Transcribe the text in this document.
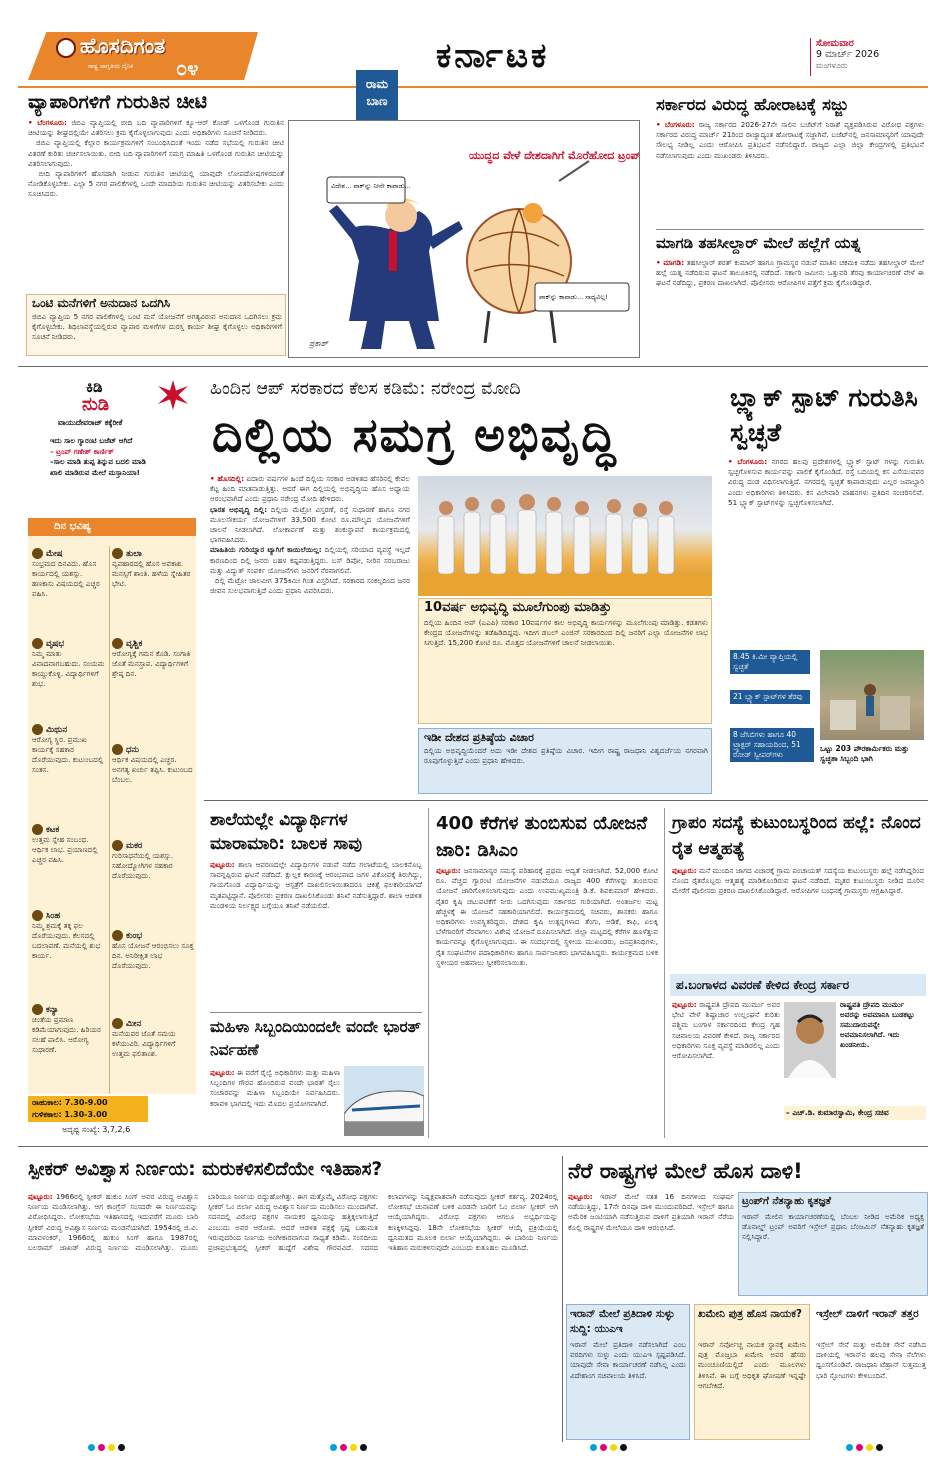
ಹೊಸದಿಗಂತ
ರಾಷ್ಟ್ರ ಜಾಗೃತಿಯ ದೈನಿಕ ೦೪	ಕರ್ನಾಟಕ	ಸೋಮವಾರ
9 ಮಾರ್ಚ್ 2026
ಮಂಗಳೂರು
ವ್ಯಾಪಾರಿಗಳಿಗೆ ಗುರುತಿನ ಚೀಟಿ
• ಬೆಂಗಳೂರು: ಜಿಬಿಎ ವ್ಯಾಪ್ತಿಯಲ್ಲಿ ಬೀದಿ ಬದಿ ವ್ಯಾಪಾರಿಗಳಿಗೆ ಕ್ಯೂ-ಆರ್ ಕೋಡ್ ಒಳಗೊಂಡ ಗುರುತಿನ ಚೀಟಿಯನ್ನು ಶೀಘ್ರದಲ್ಲಿಯೇ ವಿತರಿಸಲು ಕ್ರಮ ಕೈಗೊಳ್ಳಲಾಗುವುದು ಎಂದು ಅಧಿಕಾರಿಗಳು ಸೂಚನೆ ನೀಡಿದರು.
ಜಿಬಿಎ ವ್ಯಾಪ್ತಿಯಲ್ಲಿ ಕೆಲ್ಲಾರ ಕಾರ್ಯಕ್ರಮಗಳಿಗೆ ಸಂಬಂಧಿಸಿದಂತೆ ಇಂದು ನಡೆದ ಸಭೆಯಲ್ಲಿ ಗುರುತಿನ ಚೀಟಿ ವಿತರಣೆ ಕುರಿತು ಚರ್ಚಿಸಲಾಯಿತು. ಬೀದಿ ಬದಿ ವ್ಯಾಪಾರಿಗಳಿಗೆ ಸಮಗ್ರ ಮಾಹಿತಿ ಒಳಗೊಂಡ ಗುರುತಿನ ಚೀಟಿಯನ್ನು ವಿತರಿಸಲಾಗುವುದು.
ಬೀದಿ ವ್ಯಾಪಾರಿಗಳಿಗೆ ಹೊಸದಾಗಿ ನೀಡುವ ಗುರುತಿನ ಚೀಟಿಯಲ್ಲಿ ಯಾವುದೇ ಲೋಪದೋಷಗಳಿರದಂತೆ ನೋಡಿಕೊಳ್ಳಬೇಕು. ಎಲ್ಲಾ 5 ನಗರ ಪಾಲಿಕೆಗಳಲ್ಲಿ ಒಂದೇ ಮಾದರಿಯ ಗುರುತಿನ ಚೀಟಿಯನ್ನು ವಿತರಿಸಬೇಕು ಎಂದು ಸೂಚಿಸಿದರು.
ಒಂಟಿ ಮನೆಗಳಿಗೆ ಅನುದಾನ ಒದಗಿಸಿ
ಜಿಬಿಎ ವ್ಯಾಪ್ತಿಯ 5 ನಗರ ಪಾಲಿಕೆಗಳಲ್ಲಿ ಒಂಟಿ ಮನೆ ಯೋಜನೆಗೆ ಅಗತ್ಯವಿರುವ ಅನುದಾನ ಒದಗಿಸಲು ಕ್ರಮ ಕೈಗೊಳ್ಳಬೇಕು. ಶಿಥಿಲಾವಸ್ಥೆಯಲ್ಲಿರುವ ವ್ಯಾಪಾರ ಮಳಿಗೆಗಳ ದುರಸ್ತಿ ಕಾರ್ಯ ಶೀಘ್ರ ಕೈಗೊಳ್ಳಲು ಅಧಿಕಾರಿಗಳಿಗೆ ಸೂಚನೆ ನೀಡಿದರು.
ರಾಮ
ಬಾಣ
ಯುದ್ಧದ ವೇಳೆ ದೇಶದಾಗಿಗೆ ಮೊರೆಹೋದ ಟ್ರಂಪ್
ವಿದೇಶ... ಪಾಕ್‌ನ್ನು ನೀನೇ ಕಾಪಾಡು...
ಪಾಕ್‌ನ್ನು ಕಾಪಾಡು... ಸಾಧ್ಯವಿಲ್ಲ!
ಪ್ರಕಾಶ್
ಸರ್ಕಾರದ ವಿರುದ್ಧ ಹೋರಾಟಕ್ಕೆ ಸಜ್ಜು
• ಬೆಂಗಳೂರು: ರಾಜ್ಯ ಸರ್ಕಾರದ 2026-27ನೇ ಸಾಲಿನ ಬಜೆಟ್‌ಗೆ ನಿರಾಶೆ ವ್ಯಕ್ತಪಡಿಸಿರುವ ವಿರೋಧ ಪಕ್ಷಗಳು ಸರ್ಕಾರದ ವಿರುದ್ಧ ಮಾರ್ಚ್ 21ರಿಂದ ರಾಜ್ಯಾದ್ಯಂತ ಹೋರಾಟಕ್ಕೆ ಸಜ್ಜಾಗಿವೆ. ಬಜೆಟ್‌ನಲ್ಲಿ ಜನಸಾಮಾನ್ಯರಿಗೆ ಯಾವುದೇ ಸೌಲಭ್ಯ ನೀಡಿಲ್ಲ ಎಂದು ಆರೋಪಿಸಿ ಪ್ರತಿಭಟನೆ ನಡೆಸಲಿದ್ದಾರೆ. ರಾಜ್ಯದ ಎಲ್ಲಾ ಜಿಲ್ಲಾ ಕೇಂದ್ರಗಳಲ್ಲಿ ಪ್ರತಿಭಟನೆ ನಡೆಸಲಾಗುವುದು ಎಂದು ಮುಖಂಡರು ತಿಳಿಸಿದರು.
ಮಾಗಡಿ ತಹಸೀಲ್ದಾರ್ ಮೇಲೆ ಹಲ್ಲೆಗೆ ಯತ್ನ
• ಮಾಗಡಿ: ತಹಸೀಲ್ದಾರ್ ಶರತ್ ಕುಮಾರ್ ಹಾಗೂ ಗ್ರಾಮಸ್ಥರ ನಡುವೆ ಮಾತಿನ ಚಕಮಕಿ ನಡೆದು ತಹಸೀಲ್ದಾರ್ ಮೇಲೆ ಹಲ್ಲೆ ಯತ್ನ ನಡೆದಿರುವ ಘಟನೆ ತಾಲೂಕಿನಲ್ಲಿ ನಡೆದಿದೆ. ಸರ್ಕಾರಿ ಜಮೀನು ಒತ್ತುವರಿ ತೆರವು ಕಾರ್ಯಾಚರಣೆ ವೇಳೆ ಈ ಘಟನೆ ನಡೆದಿದ್ದು, ಪ್ರಕರಣ ದಾಖಲಾಗಿದೆ. ಪೊಲೀಸರು ಆರೋಪಿಗಳ ಪತ್ತೆಗೆ ಕ್ರಮ ಕೈಗೊಂಡಿದ್ದಾರೆ.
ಕಿಡಿ
ನುಡಿ
ವಾಯುದೇವರಾಜ್ ಕಕ್ಕೆರೀಕೆ
ಇದು ಸಾಲ ಗ್ಯಾರಂಟಿ ಬಜೆಟ್ ಆಗಿದೆ
– ಟ್ರಂಪ್ ‌ಗಣೇಶ್ ಕಾರ್ಣಿಕ್
–ಸಾಲ ಮಾಡಿ ತುಪ್ಪ ತಿನ್ನುವ ಬದಲಿ ಮಾಡಿ
ಖಾಲಿ ಮಾಡಿರುವ ಮೇಲೆ ಮಸ್ತಾನಿಯಾ!
ದಿನ ಭವಿಷ್ಯ
ಮೇಷ
ಸಂಭ್ರಮದ ದಿನವಿದು. ಹೊಸ ಕಾರ್ಯದಲ್ಲಿ ಯಶಸ್ಸು. ಹಣಕಾಸು ವಿಷಯದಲ್ಲಿ ಎಚ್ಚರ ವಹಿಸಿ.
ವೃಷಭ
ನಿಮ್ಮ ಮಾತು ವಿವಾದವಾಗಬಹುದು. ಸಂಯಮ ಕಾಯ್ದುಕೊಳ್ಳಿ. ವಿದ್ಯಾರ್ಥಿಗಳಿಗೆ ಶುಭ.
ಮಿಥುನ
ಆರೋಗ್ಯ ಸ್ಥಿರ. ಪ್ರಮುಖ ಕಾರ್ಯಕ್ಕೆ ಸಹಕಾರ ದೊರೆಯುವುದು. ಕುಟುಂಬದಲ್ಲಿ ಸಂತಸ.
ಕಟಕ
ಉತ್ತಮ ಸ್ನೇಹ ಸಂಬಂಧ. ಆರ್ಥಿಕ ಲಾಭ. ಪ್ರಯಾಣದಲ್ಲಿ ಎಚ್ಚರ ವಹಿಸಿ.
ಸಿಂಹ
ನಿಮ್ಮ ಶ್ರಮಕ್ಕೆ ತಕ್ಕ ಫಲ ದೊರೆಯುವುದು. ಕೆಲಸದಲ್ಲಿ ಬದಲಾವಣೆ. ಮನೆಯಲ್ಲಿ ಶುಭ ಕಾರ್ಯ.
ಕನ್ಯಾ
ಚಿಂತೆಯ ಪ್ರಮಾಣ ಕಡಿಮೆಯಾಗುವುದು. ಹಿರಿಯರ ಸಲಹೆ ಪಾಲಿಸಿ. ಆರೋಗ್ಯ ಸುಧಾರಣೆ.
ತುಲಾ
ವ್ಯವಹಾರದಲ್ಲಿ ಹೊಸ ಅವಕಾಶ. ಮನಸ್ಸಿಗೆ ಶಾಂತಿ. ಹಳೆಯ ಸ್ನೇಹಿತರ ಭೇಟಿ.
ವೃಶ್ಚಿಕ
ಆರೋಗ್ಯಕ್ಕೆ ಗಮನ ಕೊಡಿ. ಸಂಗಾತಿ ಜೊತೆ ಮನಸ್ತಾಪ. ವಿದ್ಯಾರ್ಥಿಗಳಿಗೆ ಶ್ರೇಷ್ಠ ದಿನ.
ಧನು
ಆರ್ಥಿಕ ವಿಷಯದಲ್ಲಿ ಎಚ್ಚರ. ಅನಗತ್ಯ ಖರ್ಚು ತಪ್ಪಿಸಿ. ಕುಟುಂಬದ ಬೆಂಬಲ.
ಮಕರ
ಗುರಿಸಾಧನೆಯಲ್ಲಿ ಯಶಸ್ಸು. ಸಹೋದ್ಯೋಗಿಗಳ ಸಹಕಾರ ದೊರೆಯುವುದು.
ಕುಂಭ
ಹೊಸ ಯೋಜನೆ ಆರಂಭಿಸಲು ಸೂಕ್ತ ದಿನ. ಅನಿರೀಕ್ಷಿತ ಲಾಭ ದೊರೆಯುವುದು.
ಮೀನ
ಮನೆಯವರ ಜೊತೆ ಸಮಯ ಕಳೆಯುವಿರಿ. ವಿದ್ಯಾರ್ಥಿಗಳಿಗೆ ಉತ್ತಮ ಫಲಿತಾಂಶ.
ರಾಹುಕಾಲ: 7.30-9.00
ಗುಳಿಕಕಾಲ: 1.30-3.00
ಅದೃಷ್ಟ ಸಂಖ್ಯೆ: 3,7,2,6
ಹಿಂದಿನ ಆಪ್ ಸರಕಾರದ ಕೆಲಸ ಕಡಿಮೆ: ನರೇಂದ್ರ ಮೋದಿ
ದಿಲ್ಲಿಯ ಸಮಗ್ರ ಅಭಿವೃದ್ಧಿ
• ಹೊಸದಿಲ್ಲಿ: ಐದಾರು ವರ್ಷಗಳ ಹಿಂದೆ ದಿಲ್ಲಿಯ ಸರಕಾರ ಆಡಳಿತದ ಹೆಸರಿನಲ್ಲಿ ಕೇವಲ ಕೆಟ್ಟ ಹಿಂದಿ ಮಾತನಾಡುತ್ತಿತ್ತು. ಆದರೆ ಈಗ ದಿಲ್ಲಿಯಲ್ಲಿ ಅಭಿವೃದ್ಧಿಯ ಹೊಸ ಅಧ್ಯಾಯ ಆರಂಭವಾಗಿದೆ ಎಂದು ಪ್ರಧಾನಿ ನರೇಂದ್ರ ಮೋದಿ ಹೇಳಿದರು.
ಭಾರತ ಅಭಿವೃದ್ಧಿ ದಿಲ್ಲಿ: ದಿಲ್ಲಿಯ ಮೆಟ್ರೋ ವಿಸ್ತರಣೆ, ರಸ್ತೆ ಸುಧಾರಣೆ ಹಾಗೂ ನಗರ ಮೂಲಸೌಕರ್ಯ ಯೋಜನೆಗಳಿಗೆ 33,500 ಕೋಟಿ ರೂ.ಮೌಲ್ಯದ ಯೋಜನೆಗಳಿಗೆ ಚಾಲನೆ ನೀಡಲಾಗಿದೆ. ಲೋಕಾರ್ಪಣೆ ಮತ್ತು ಶಂಕುಸ್ಥಾಪನೆ ಕಾರ್ಯಕ್ರಮದಲ್ಲಿ ಭಾಗವಹಿಸಿದರು.
ಮಾಹಿತಿಯ ಗುರಿಯ್ನಾರ ಟ್ಯಾಗಿಗೆ ಕಾಯಿಲೆಯಿಲ್ಲ: ದಿಲ್ಲಿಯಲ್ಲಿ ಸರಿಯಾದ ವ್ಯವಸ್ಥೆ ಇಲ್ಲದೆ ಕಾರಣದಿಂದ ದಿಲ್ಲಿ ಜನರು ಬಹಳ ಕಷ್ಟಪಡುತ್ತಿದ್ದರು. ಬಸ್ ಡಿಪೋ, ನೀರಿನ ಸರಬರಾಜು ಮತ್ತು ವಿದ್ಯುತ್ ಸಂಪರ್ಕ ಯೋಜನೆಗಳು ಜನರಿಗೆ ನೆರವಾಗಲಿವೆ.
ದಿಲ್ಲಿ ಮೆಟ್ರೋ ಜಾಲವೀಗ 375ಕಿಮೀ ಗಿಂತ ವಿಸ್ತರಿಸಿದೆ. ಸರಕಾರದ ಸಂಕಲ್ಪದಿಂದ ಜನರ ಜೀವನ ಸುಲಭವಾಗುತ್ತಿದೆ ಎಂದು ಪ್ರಧಾನಿ ವಿವರಿಸಿದರು.
10ವರ್ಷ ಅಭಿವೃದ್ಧಿ ಮೂಲೆಗುಂಪು ಮಾಡಿತ್ತು
ದಿಲ್ಲಿಯ ಹಿಂದಿನ ಆಪ್ (ಎಎಪಿ) ಸರಕಾರ 10ವರ್ಷಗಳ ಕಾಲ ಅಭಿವೃದ್ಧಿ ಕಾರ್ಯಗಳನ್ನು ಮೂಲೆಗುಂಪು ಮಾಡಿತ್ತು. ಕಡತಗಳು ಕೇಂದ್ರದ ಯೋಜನೆಗಳನ್ನು ತಡೆಹಿಡಿದಿದ್ದವು. ಇದೀಗ ಡಬಲ್ ಎಂಜಿನ್ ಸರಕಾರದಿಂದ ದಿಲ್ಲಿ ಜನರಿಗೆ ಎಲ್ಲಾ ಯೋಜನೆಗಳ ಲಾಭ ಸಿಗುತ್ತಿದೆ. 15,200 ಕೋಟಿ ರೂ. ಮೊತ್ತದ ಯೋಜನೆಗಳಿಗೆ ಚಾಲನೆ ನೀಡಲಾಯಿತು.
ಇಡೀ ದೇಶದ ಪ್ರತಿಷ್ಠೆಯ ವಿಚಾರ
ದಿಲ್ಲಿಯ ಅಭಿವೃದ್ಧಿಯೆಂದರೆ ಅದು ಇಡೀ ದೇಶದ ಪ್ರತಿಷ್ಠೆಯ ವಿಚಾರ. ಇದೀಗ ರಾಷ್ಟ್ರ ರಾಜಧಾನಿ ವಿಶ್ವದರ್ಜೆಯ ನಗರವಾಗಿ ರೂಪುಗೊಳ್ಳುತ್ತಿದೆ ಎಂದು ಪ್ರಧಾನಿ ಹೇಳಿದರು.
ಬ್ಲ್ಯಾಕ್ ಸ್ಪಾಟ್ ಗುರುತಿಸಿ ಸ್ವಚ್ಛತೆ
• ಬೆಂಗಳೂರು: ನಗರದ ಹಲವು ಪ್ರದೇಶಗಳಲ್ಲಿ ಬ್ಲ್ಯಾಕ್ ಸ್ಪಾಟ್ ಗಳನ್ನು ಗುರುತಿಸಿ ಸ್ವಚ್ಛಗೊಳಿಸುವ ಕಾರ್ಯವನ್ನು ಪಾಲಿಕೆ ಕೈಗೊಂಡಿದೆ. ರಸ್ತೆ ಬದಿಯಲ್ಲಿ ಕಸ ಎಸೆಯುವವರ ವಿರುದ್ಧ ದಂಡ ವಿಧಿಸಲಾಗುತ್ತಿದೆ. ನಗರದಲ್ಲಿ ಸ್ವಚ್ಛತೆ ಕಾಪಾಡುವುದು ಎಲ್ಲರ ಜವಾಬ್ದಾರಿ ಎಂದು ಅಧಿಕಾರಿಗಳು ತಿಳಿಸಿದರು. ಕಸ ವಿಲೇವಾರಿ ವಾಹನಗಳು ಪ್ರತಿದಿನ ಸಂಚರಿಸಲಿವೆ. 51 ಬ್ಲ್ಯಾಕ್ ಸ್ಪಾಟ್‌ಗಳನ್ನು ಸ್ವಚ್ಛಗೊಳಿಸಲಾಗಿದೆ.
8.45 ಕಿ.ಮೀ ವ್ಯಾಪ್ತಿಯಲ್ಲಿ ಸ್ವಚ್ಛತೆ
21 ಬ್ಲ್ಯಾಕ್ ಸ್ಪಾಟ್‌ಗಳ ತೆರವು
8 ಜೆಸಿಬಿಗಳು ಹಾಗೂ 40 ಟ್ರ್ಯಾಕ್ಟರ್ ಸಹಾಯದಿಂದ, 51 ರೋಡ್ ಸ್ವೀಪರ್‌ಗಳು
ಒಟ್ಟು 203 ಪೌರಕಾರ್ಮಿಕರು ಮತ್ತು ಸ್ವಚ್ಛತಾ ಸಿಬ್ಬಂದಿ ಭಾಗಿ
ಶಾಲೆಯಲ್ಲೇ ವಿದ್ಯಾರ್ಥಿಗಳ ಮಾರಾಮಾರಿ: ಬಾಲಕ ಸಾವು
ಪುಟ್ಟೂರು: ಶಾಲಾ ಆವರಣದಲ್ಲೇ ವಿದ್ಯಾರ್ಥಿಗಳ ನಡುವೆ ನಡೆದ ಗಲಾಟೆಯಲ್ಲಿ ಬಾಲಕನೊಬ್ಬ ಸಾವನ್ನಪ್ಪಿರುವ ಘಟನೆ ನಡೆದಿದೆ. ಕ್ಷುಲ್ಲಕ ಕಾರಣಕ್ಕೆ ಆರಂಭವಾದ ಜಗಳ ವಿಕೋಪಕ್ಕೆ ತಿರುಗಿದ್ದು, ಗಾಯಗೊಂಡ ವಿದ್ಯಾರ್ಥಿಯನ್ನು ಆಸ್ಪತ್ರೆಗೆ ದಾಖಲಿಸಲಾಯಿತಾದರೂ ಚಿಕಿತ್ಸೆ ಫಲಕಾರಿಯಾಗದೆ ಮೃತಪಟ್ಟಿದ್ದಾನೆ. ಪೊಲೀಸರು ಪ್ರಕರಣ ದಾಖಲಿಸಿಕೊಂಡು ತನಿಖೆ ನಡೆಸುತ್ತಿದ್ದಾರೆ. ಶಾಲಾ ಆಡಳಿತ ಮಂಡಳಿಯ ನಿರ್ಲಕ್ಷ್ಯದ ಬಗ್ಗೆಯೂ ತನಿಖೆ ನಡೆಯಲಿದೆ.
ಮಹಿಳಾ ಸಿಬ್ಬಂದಿಯಿಂದಲೇ ವಂದೇ ಭಾರತ್ ನಿರ್ವಹಣೆ
ಪುಟ್ಟೂರು: ಈ ವರೆಗೆ ರೈಲ್ವೆ ಅಧಿಕಾರಿಗಳು ಮತ್ತು ಮಹಿಳಾ ಸಿಬ್ಬಂದಿಗಳ ಗೌರವ ಹೊಂದಿರುವ ವಂದೇ ಭಾರತ್ ರೈಲು ಸಂಚಾರವನ್ನು ಮಹಿಳಾ ಸಿಬ್ಬಂದಿಯೇ ನಿರ್ವಹಿಸಿದರು. ಕರಾವಳಿ ಭಾಗದಲ್ಲಿ ಇದು ಮೊದಲ ಪ್ರಯೋಗವಾಗಿದೆ.
400 ಕೆರೆಗಳ ತುಂಬಿಸುವ ಯೋಜನೆ ಜಾರಿ: ಡಿಸಿಎಂ
ಪುಟ್ಟೂರು: ಜನಸಾಮಾನ್ಯರ ಸಮಸ್ಯೆ ಪರಿಹಾರಕ್ಕೆ ಪ್ರಥಮ ಆದ್ಯತೆ ನೀಡಲಾಗಿದೆ. 52,000 ಕೋಟಿ ರೂ. ವೆಚ್ಚದ ಗ್ಯಾರಂಟಿ ಯೋಜನೆಗಳ ನಡುವೆಯೂ ರಾಜ್ಯದ 400 ಕೆರೆಗಳನ್ನು ತುಂಬಿಸುವ ಯೋಜನೆ ಜಾರಿಗೊಳಿಸಲಾಗುವುದು ಎಂದು ಉಪಮುಖ್ಯಮಂತ್ರಿ ಡಿ.ಕೆ. ಶಿವಕುಮಾರ್ ಹೇಳಿದರು. ರೈತರ ಕೃಷಿ ಚಟುವಟಿಕೆಗೆ ನೀರು ಒದಗಿಸುವುದು ಸರ್ಕಾರದ ಗುರಿಯಾಗಿದೆ. ಅಂತರ್ಜಲ ಮಟ್ಟ ಹೆಚ್ಚಳಕ್ಕೆ ಈ ಯೋಜನೆ ಸಹಕಾರಿಯಾಗಲಿದೆ. ಕಾರ್ಯಕ್ರಮದಲ್ಲಿ ಸಚಿವರು, ಶಾಸಕರು ಹಾಗೂ ಅಧಿಕಾರಿಗಳು ಉಪಸ್ಥಿತರಿದ್ದರು. ದೇಶದ ಕೃಷಿ ಉತ್ಪನ್ನಗಳಾದ ತೆಂಗು, ಅಡಿಕೆ, ಕಾಫಿ, ಏಲಕ್ಕಿ ಬೆಳೆಗಾರರಿಗೆ ನೆರವಾಗಲು ವಿಶೇಷ ಯೋಜನೆ ರೂಪಿಸಲಾಗಿದೆ. ಜಿಲ್ಲಾ ಮಟ್ಟದಲ್ಲಿ ಕೆರೆಗಳ ಹೂಳೆತ್ತುವ ಕಾರ್ಯವನ್ನೂ ಕೈಗೊಳ್ಳಲಾಗುವುದು. ಈ ಸಂದರ್ಭದಲ್ಲಿ ಸ್ಥಳೀಯ ಮುಖಂಡರು, ಜನಪ್ರತಿನಿಧಿಗಳು, ರೈತ ಸಂಘಟನೆಗಳ ಪದಾಧಿಕಾರಿಗಳು ಹಾಗೂ ಸಾರ್ವಜನಿಕರು ಭಾಗವಹಿಸಿದ್ದರು. ಕಾರ್ಯಕ್ರಮದ ಬಳಿಕ ಸ್ಥಳೀಯರ ಅಹವಾಲು ಸ್ವೀಕರಿಸಲಾಯಿತು.
ಗ್ರಾಪಂ ಸದಸ್ಯೆ ಕುಟುಂಬಸ್ಥರಿಂದ ಹಲ್ಲೆ: ನೊಂದ ರೈತ ಆತ್ಮಹತ್ಯೆ
ಪುಟ್ಟೂರು: ಮನೆ ಮುಂದಿನ ಜಾಗದ ವಿಚಾರಕ್ಕೆ ಗ್ರಾಮ ಪಂಚಾಯತ್ ಸದಸ್ಯೆಯ ಕುಟುಂಬಸ್ಥರು ಹಲ್ಲೆ ನಡೆಸಿದ್ದರಿಂದ ನೊಂದ ರೈತರೊಬ್ಬರು ಆತ್ಮಹತ್ಯೆ ಮಾಡಿಕೊಂಡಿರುವ ಘಟನೆ ನಡೆದಿದೆ. ಮೃತರ ಕುಟುಂಬಸ್ಥರು ನೀಡಿದ ದೂರಿನ ಮೇರೆಗೆ ಪೊಲೀಸರು ಪ್ರಕರಣ ದಾಖಲಿಸಿಕೊಂಡಿದ್ದಾರೆ. ಆರೋಪಿಗಳ ಬಂಧನಕ್ಕೆ ಗ್ರಾಮಸ್ಥರು ಆಗ್ರಹಿಸಿದ್ದಾರೆ.
ಪ.ಬಂಗಾಳದ ವಿವರಣೆ ಕೇಳಿದ ಕೇಂದ್ರ ಸರ್ಕಾರ
ಪುಟ್ಟೂರು: ರಾಷ್ಟ್ರಪತಿ ದ್ರೌಪದಿ ಮುರ್ಮು ಅವರ ಭೇಟಿ ವೇಳೆ ಶಿಷ್ಟಾಚಾರ ಉಲ್ಲಂಘನೆ ಕುರಿತು ಪಶ್ಚಿಮ ಬಂಗಾಳ ಸರ್ಕಾರದಿಂದ ಕೇಂದ್ರ ಗೃಹ ಸಚಿವಾಲಯ ವಿವರಣೆ ಕೇಳಿದೆ. ರಾಜ್ಯ ಸರ್ಕಾರದ ಅಧಿಕಾರಿಗಳು ಸೂಕ್ತ ವ್ಯವಸ್ಥೆ ಮಾಡಿರಲಿಲ್ಲ ಎಂದು ಆರೋಪಿಸಲಾಗಿದೆ.
ರಾಷ್ಟ್ರಪತಿ ದ್ರೌಪದಿ ಮುರ್ಮು ಅವರನ್ನು ಅವಮಾನಿಸಿ ಬುಡಕಟ್ಟು ಸಮುದಾಯವನ್ನೇ ಅವಮಾನಿಸಲಾಗಿದೆ. ಇದು ಖಂಡನೀಯ.
– ಎಚ್.ಡಿ. ಕುಮಾರಸ್ವಾಮಿ, ಕೇಂದ್ರ ಸಚಿವ
ಸ್ಪೀಕರ್ ಅವಿಶ್ವಾಸ ನಿರ್ಣಯ: ಮರುಕಳಿಸಲಿದೆಯೇ ಇತಿಹಾಸ?
ಪುಟ್ಟೂರು: 1966ರಲ್ಲಿ ಸ್ಪೀಕರ್ ಹುಕುಂ ಸಿಂಗ್ ಅವರ ವಿರುದ್ಧ ಅವಿಶ್ವಾಸ ನಿರ್ಣಯ ಮಂಡಿಸಲಾಗಿತ್ತು. ಆಗ ಕಾಂಗ್ರೆಸ್ ಸಂಸದರೇ ಈ ನಿರ್ಣಯವನ್ನು ವಿರೋಧಿಸಿದ್ದರು. ಲೋಕಸಭೆಯ ಇತಿಹಾಸದಲ್ಲಿ ಇದುವರೆಗೆ ಮೂರು ಬಾರಿ ಸ್ಪೀಕರ್ ವಿರುದ್ಧ ಅವಿಶ್ವಾಸ ನಿರ್ಣಯ ಮಂಡನೆಯಾಗಿದೆ. 1954ರಲ್ಲಿ ಜಿ.ವಿ. ಮಾವಳಂಕರ್, 1966ರಲ್ಲಿ ಹುಕುಂ ಸಿಂಗ್ ಹಾಗೂ 1987ರಲ್ಲಿ ಬಲರಾಮ್ ಜಾಖಡ್ ವಿರುದ್ಧ ನಿರ್ಣಯ ಮಂಡಿಸಲಾಗಿತ್ತು. ಮೂರು ಬಾರಿಯೂ ನಿರ್ಣಯ ಬಿದ್ದುಹೋಗಿತ್ತು. ಈಗ ಮತ್ತೊಮ್ಮೆ ವಿರೋಧ ಪಕ್ಷಗಳು ಸ್ಪೀಕರ್ ಓಂ ಬಿರ್ಲಾ ವಿರುದ್ಧ ಅವಿಶ್ವಾಸ ನಿರ್ಣಯ ಮಂಡಿಸಲು ಮುಂದಾಗಿವೆ. ಸದನದಲ್ಲಿ ವಿರೋಧ ಪಕ್ಷಗಳ ನಾಯಕರ ಧ್ವನಿಯನ್ನು ಹತ್ತಿಕ್ಕಲಾಗುತ್ತಿದೆ ಎಂಬುದು ಅವರ ಆರೋಪ. ಆದರೆ ಆಡಳಿತ ಪಕ್ಷಕ್ಕೆ ಸ್ಪಷ್ಟ ಬಹುಮತ ಇರುವುದರಿಂದ ನಿರ್ಣಯ ಅಂಗೀಕಾರವಾಗುವ ಸಾಧ್ಯತೆ ಕಡಿಮೆ. ಸಂಸದೀಯ ಪ್ರಜಾಪ್ರಭುತ್ವದಲ್ಲಿ ಸ್ಪೀಕರ್ ಹುದ್ದೆಗೆ ವಿಶೇಷ ಗೌರವವಿದೆ. ಸದನದ ಕಲಾಪಗಳನ್ನು ನಿಷ್ಪಕ್ಷಪಾತವಾಗಿ ನಡೆಸುವುದು ಸ್ಪೀಕರ್ ಕರ್ತವ್ಯ. 2024ರಲ್ಲಿ ಲೋಕಸಭೆ ಚುನಾವಣೆ ಬಳಿಕ ಎರಡನೇ ಬಾರಿಗೆ ಓಂ ಬಿರ್ಲಾ ಸ್ಪೀಕರ್ ಆಗಿ ಆಯ್ಕೆಯಾಗಿದ್ದರು. ವಿರೋಧ ಪಕ್ಷಗಳು ಆಗಲೂ ಅಭ್ಯರ್ಥಿಯನ್ನು ಕಣಕ್ಕಿಳಿಸಿದ್ದವು. 18ನೇ ಲೋಕಸಭೆಯ ಸ್ಪೀಕರ್ ಆಯ್ಕೆ ಪ್ರಕ್ರಿಯೆಯಲ್ಲಿ ಧ್ವನಿಮತದ ಮೂಲಕ ಬಿರ್ಲಾ ಆಯ್ಕೆಯಾಗಿದ್ದರು. ಈ ಬಾರಿಯ ನಿರ್ಣಯ ಇತಿಹಾಸ ಮರುಕಳಿಸುವುದೇ ಎಂಬುದು ಕುತೂಹಲ ಮೂಡಿಸಿದೆ.
ನೆರೆ ರಾಷ್ಟ್ರಗಳ ಮೇಲೆ ಹೊಸ ದಾಳಿ!
ಪುಟ್ಟೂರು: ಇರಾನ್ ಮೇಲೆ ಸತತ 16 ದಿನಗಳಿಂದ ಸಂಘರ್ಷ ನಡೆಯುತ್ತಿದ್ದು, 17ನೇ ದಿನವೂ ದಾಳಿ ಮುಂದುವರಿದಿದೆ. ಇಸ್ರೇಲ್ ಹಾಗೂ ಅಮೆರಿಕ ಜಂಟಿಯಾಗಿ ನಡೆಸುತ್ತಿರುವ ದಾಳಿಗೆ ಪ್ರತಿಯಾಗಿ ಇರಾನ್ ನೆರೆಯ ಕೊಲ್ಲಿ ರಾಷ್ಟ್ರಗಳ ಮೇಲೆಯೂ ದಾಳಿ ಆರಂಭಿಸಿದೆ.
ಟ್ರಂಪ್‌ಗೆ ನೆತನ್ಯಾಹು ಕೃತಜ್ಞತೆ
ಇರಾನ್ ಮೇಲಿನ ಕಾರ್ಯಾಚರಣೆಯಲ್ಲಿ ಬೆಂಬಲ ನೀಡಿದ ಅಮೆರಿಕ ಅಧ್ಯಕ್ಷ ಡೊನಾಲ್ಡ್ ಟ್ರಂಪ್ ಅವರಿಗೆ ಇಸ್ರೇಲ್ ಪ್ರಧಾನಿ ಬೆಂಜಮಿನ್ ನೆತನ್ಯಾಹು ಕೃತಜ್ಞತೆ ಸಲ್ಲಿಸಿದ್ದಾರೆ.
ಇರಾನ್ ಮೇಲೆ ಪ್ರತಿದಾಳಿ ಸುಳ್ಳು ಸುದ್ದಿ: ಯುಎಇ
ಇರಾನ್ ಮೇಲೆ ಪ್ರತಿದಾಳಿ ನಡೆಸಲಾಗಿದೆ ಎಂಬ ವರದಿಗಳು ಸುಳ್ಳು ಎಂದು ಯುಎಇ ಸ್ಪಷ್ಟಪಡಿಸಿದೆ. ಯಾವುದೇ ಸೇನಾ ಕಾರ್ಯಾಚರಣೆ ನಡೆಸಿಲ್ಲ ಎಂದು ವಿದೇಶಾಂಗ ಸಚಿವಾಲಯ ತಿಳಿಸಿದೆ.
ಖಮೇನಿ ಪುತ್ರ ಹೊಸ ನಾಯಕ?
ಇರಾನ್ ಸರ್ವೋಚ್ಚ ನಾಯಕ ಸ್ಥಾನಕ್ಕೆ ಖಮೇನಿ ಪುತ್ರ ಮೊಜ್ತಬಾ ಖಮೇನಿ ಅವರ ಹೆಸರು ಮುಂಚೂಣಿಯಲ್ಲಿದೆ ಎಂದು ಮೂಲಗಳು ತಿಳಿಸಿವೆ. ಈ ಬಗ್ಗೆ ಅಧಿಕೃತ ಘೋಷಣೆ ಇನ್ನಷ್ಟೇ ಆಗಬೇಕಿದೆ.
ಇಸ್ರೇಲ್ ದಾಳಿಗೆ ಇರಾನ್ ತತ್ತರ
ಇಸ್ರೇಲ್ ಸೇನೆ ಮತ್ತು ಅಮೆರಿಕ ಸೇನೆ ನಡೆಸಿದ ದಾಳಿಯಲ್ಲಿ ಇರಾನ್‌ನ ಹಲವು ಸೇನಾ ನೆಲೆಗಳು ಧ್ವಂಸಗೊಂಡಿವೆ. ರಾಜಧಾನಿ ಟೆಹ್ರಾನ್ ಸುತ್ತಮುತ್ತ ಭಾರಿ ಸ್ಫೋಟಗಳು ಕೇಳಿಬಂದಿವೆ.
